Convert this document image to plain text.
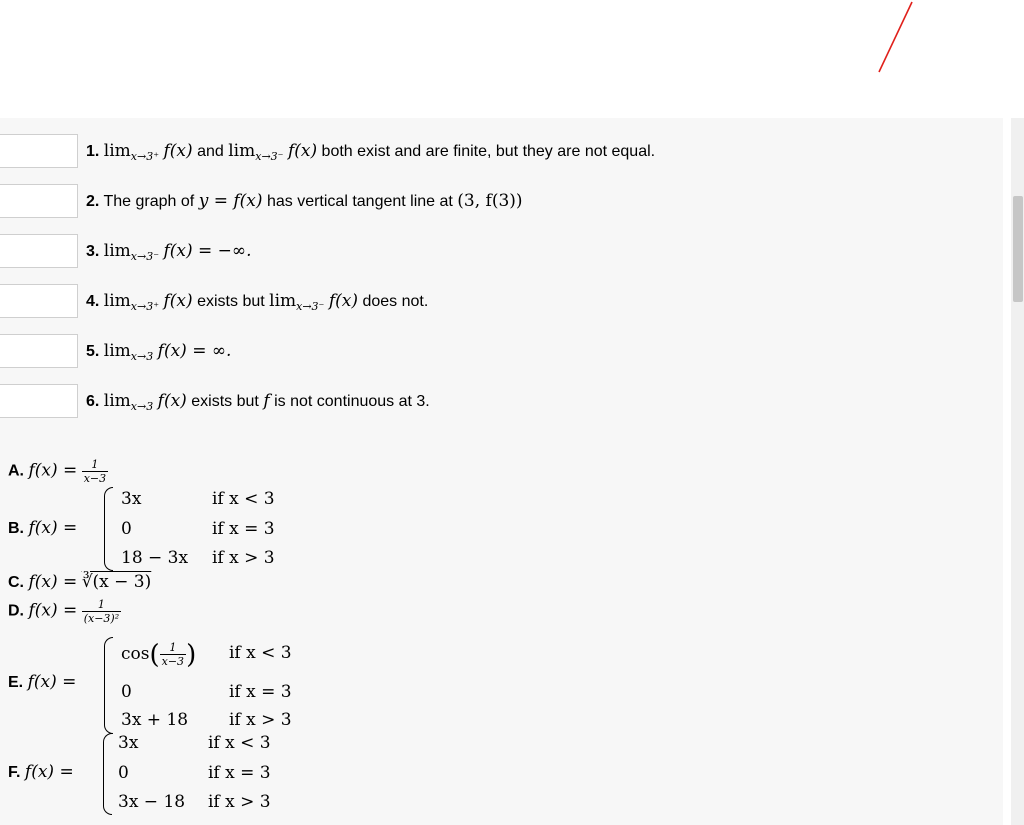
1. $\lim_{x\to 3^+} f(x)$ and $\lim_{x\to 3^-} f(x)$ both exist and are finite, but they are not equal.
2. The graph of y = f(x) has vertical tangent line at (3, f(3))
3. $\lim_{x\to 3^-} f(x)$ = −∞.
4. $\lim_{x\to 3^+} f(x)$ exists but $\lim_{x\to 3^-} f(x)$ does not.
5. $\lim_{x\to 3} f(x)$ = ∞.
6. $\lim_{x\to 3} f(x)$ exists but f is not continuous at 3.
A. $f(x) = \frac{1}{x-3}$
B. f(x) =
3x	if x < 3
0	if x = 3
18 − 3x if x > 3
C. f(x) = ∛(x − 3)
D. $f(x) = \frac{1}{\text{(x−3)²}}$
E. f(x) =
$\cos( \frac{1}{x-3}$ ) if x < 3
0	if x = 3
3x + 18 if x > 3
F. f(x) =
3x	if x < 3
0	if x = 3
3x − 18 if x > 3
